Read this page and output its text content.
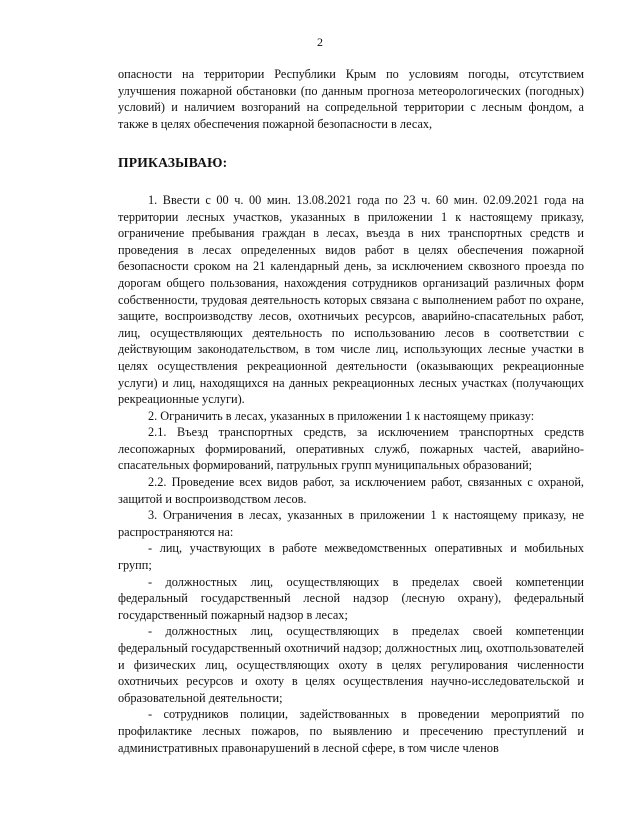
2

опасности на территории Республики Крым по условиям погоды, отсутствием улучшения пожарной обстановки (по данным прогноза метеорологических (погодных) условий) и наличием возгораний на сопредельной территории с лесным фондом, а также в целях обеспечения пожарной безопасности в лесах,

ПРИКАЗЫВАЮ:

1. Ввести с 00 ч. 00 мин. 13.08.2021 года по 23 ч. 60 мин. 02.09.2021 года на территории лесных участков, указанных в приложении 1 к настоящему приказу, ограничение пребывания граждан в лесах, въезда в них транспортных средств и проведения в лесах определенных видов работ в целях обеспечения пожарной безопасности сроком на 21 календарный день, за исключением сквозного проезда по дорогам общего пользования, нахождения сотрудников организаций различных форм собственности, трудовая деятельность которых связана с выполнением работ по охране, защите, воспроизводству лесов, охотничьих ресурсов, аварийно-спасательных работ, лиц, осуществляющих деятельность по использованию лесов в соответствии с действующим законодательством, в том числе лиц, использующих лесные участки в целях осуществления рекреационной деятельности (оказывающих рекреационные услуги) и лиц, находящихся на данных рекреационных лесных участках (получающих рекреационные услуги).

2. Ограничить в лесах, указанных в приложении 1 к настоящему приказу:

2.1. Въезд транспортных средств, за исключением транспортных средств лесопожарных формирований, оперативных служб, пожарных частей, аварийно- спасательных формирований, патрульных групп муниципальных образований;

2.2. Проведение всех видов работ, за исключением работ, связанных с охраной, защитой и воспроизводством лесов.

3. Ограничения в лесах, указанных в приложении 1 к настоящему приказу, не распространяются на:

- лиц, участвующих в работе межведомственных оперативных и мобильных групп;

- должностных лиц, осуществляющих в пределах своей компетенции федеральный государственный лесной надзор (лесную охрану), федеральный государственный пожарный надзор в лесах;

- должностных лиц, осуществляющих в пределах своей компетенции федеральный государственный охотничий надзор; должностных лиц, охотпользователей и физических лиц, осуществляющих охоту в целях регулирования численности охотничьих ресурсов и охоту в целях осуществления научно-исследовательской и образовательной деятельности;

- сотрудников полиции, задействованных в проведении мероприятий по профилактике лесных пожаров, по выявлению и пресечению преступлений и административных правонарушений в лесной сфере, в том числе членов
